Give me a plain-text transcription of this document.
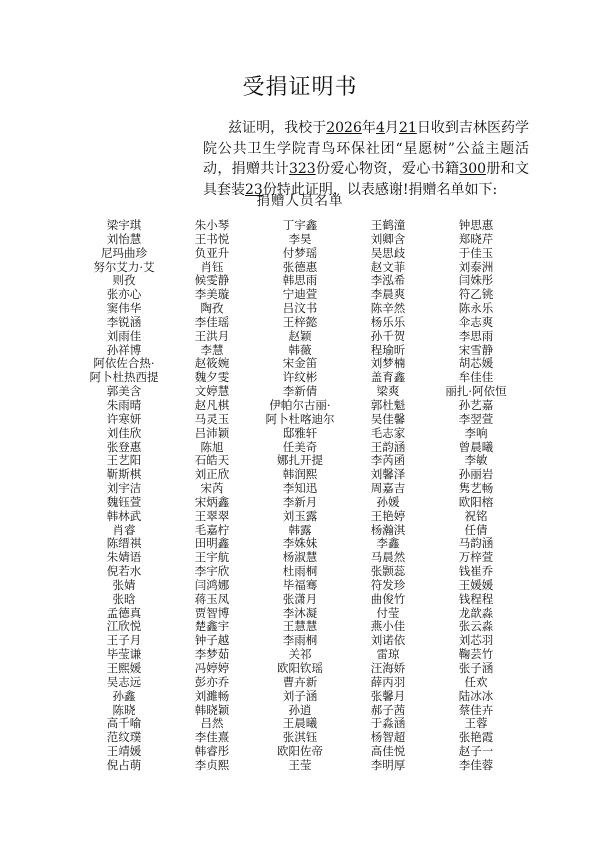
受捐证明书
兹证明，我校于2026年4月21日收到吉林医药学院公共卫生学院青鸟环保社团“星愿树”公益主题活动，捐赠共计323份爱心物资，爱心书籍300册和文具套装23份特此证明，以表感谢!捐赠名单如下:
捐赠人员名单
梁宇琪	朱小琴	丁宇鑫	王鹤潼	钟思惠
刘怡慧	王书悦	李昊	刘卿含	郑晓芹
尼玛曲珍	负亚升	付梦瑶	吴思歧	于佳玉
努尔艾力·艾	肖钰	张德惠	赵文菲	刘泰洲
则孜	候雯静	韩思雨	李泓希	闫姝彤
张亦心	李美璇	宁迪萱	李晨爽	符乙铫
窦伟华	陶孜	吕汶书	陈辛然	陈永乐
李锐涵	李佳瑶	王梓懿	杨乐乐	伞志爽
刘雨佳	王洪月	赵颖	孙千贺	李思雨
孙祥博	李慧	韩薇	程瑜昕	宋雪静
阿依佐合热·	赵筱婉	宋金笛	刘梦楠	胡芯媛
阿卜杜热西提	魏夕雯	许纹彬	盖育鑫	牟佳佳
郭美含	文婷慧	李新倩	梁爽	丽扎·阿依恒
朱雨晴	赵凡棋	伊帕尔古丽·	郭杜魁	孙艺嘉
许寒妍	马灵玉	阿卜杜喀迪尔	吴佳馨	李翌萱
刘佳欣	吕沛颖	邸雅轩	毛志家	李响
张登惠	陈旭	任美奇	王韵涵	曾晨曦
王艺阳	石皓天	娜扎开提	李芮函	李敏
靳斯棋	刘正欣	韩润熙	刘馨泽	孙丽岩
刘宇洁	宋芮	李知迅	周嘉吉	隽艺畅
魏钰萱	宋炳鑫	李新月	孙媛	欧阳榕
韩林武	王翠翠	刘玉露	王艳婷	祝铭
肖睿	毛嘉柠	韩露	杨瀚淇	任倩
陈缙祺	田明鑫	李姝妹	李鑫	马韵涵
朱婧语	王宇航	杨淑慧	马晨然	万梓萱
倪若水	李宇欣	杜雨桐	张颢蕊	钱崔乔
张婧	闫鸿娜	毕福骞	符发珍	王媛媛
张晗	蒋玉凤	张潇月	曲俊竹	钱程程
孟德真	贾智博	李沐凝	付莹	龙歆淼
江欣悦	楚鑫宇	王慧慧	燕小佳	张云淼
王子月	钟子越	李雨桐	刘诺依	刘芯羽
毕莹谦	李梦茹	关祁	雷琼	鞠芸竹
王熙媛	冯婷婷	欧阳钦瑶	汪海娇	张子涵
吴志远	彭亦乔	曹卉新	薛丙羽	任欢
孙鑫	刘濉畅	刘子涵	张馨月	陆冰冰
陈晓	韩晓颖	孙逍	郝子茜	蔡佳卉
高千喻	吕然	王晨曦	于淼涵	王蓉
范纹璞	李佳熹	张淇钰	杨智超	张艳霞
王靖媛	韩睿彤	欧阳佐帝	高佳悦	赵子一
倪占萌	李贞熙	王莹	李明厚	李佳蓉
